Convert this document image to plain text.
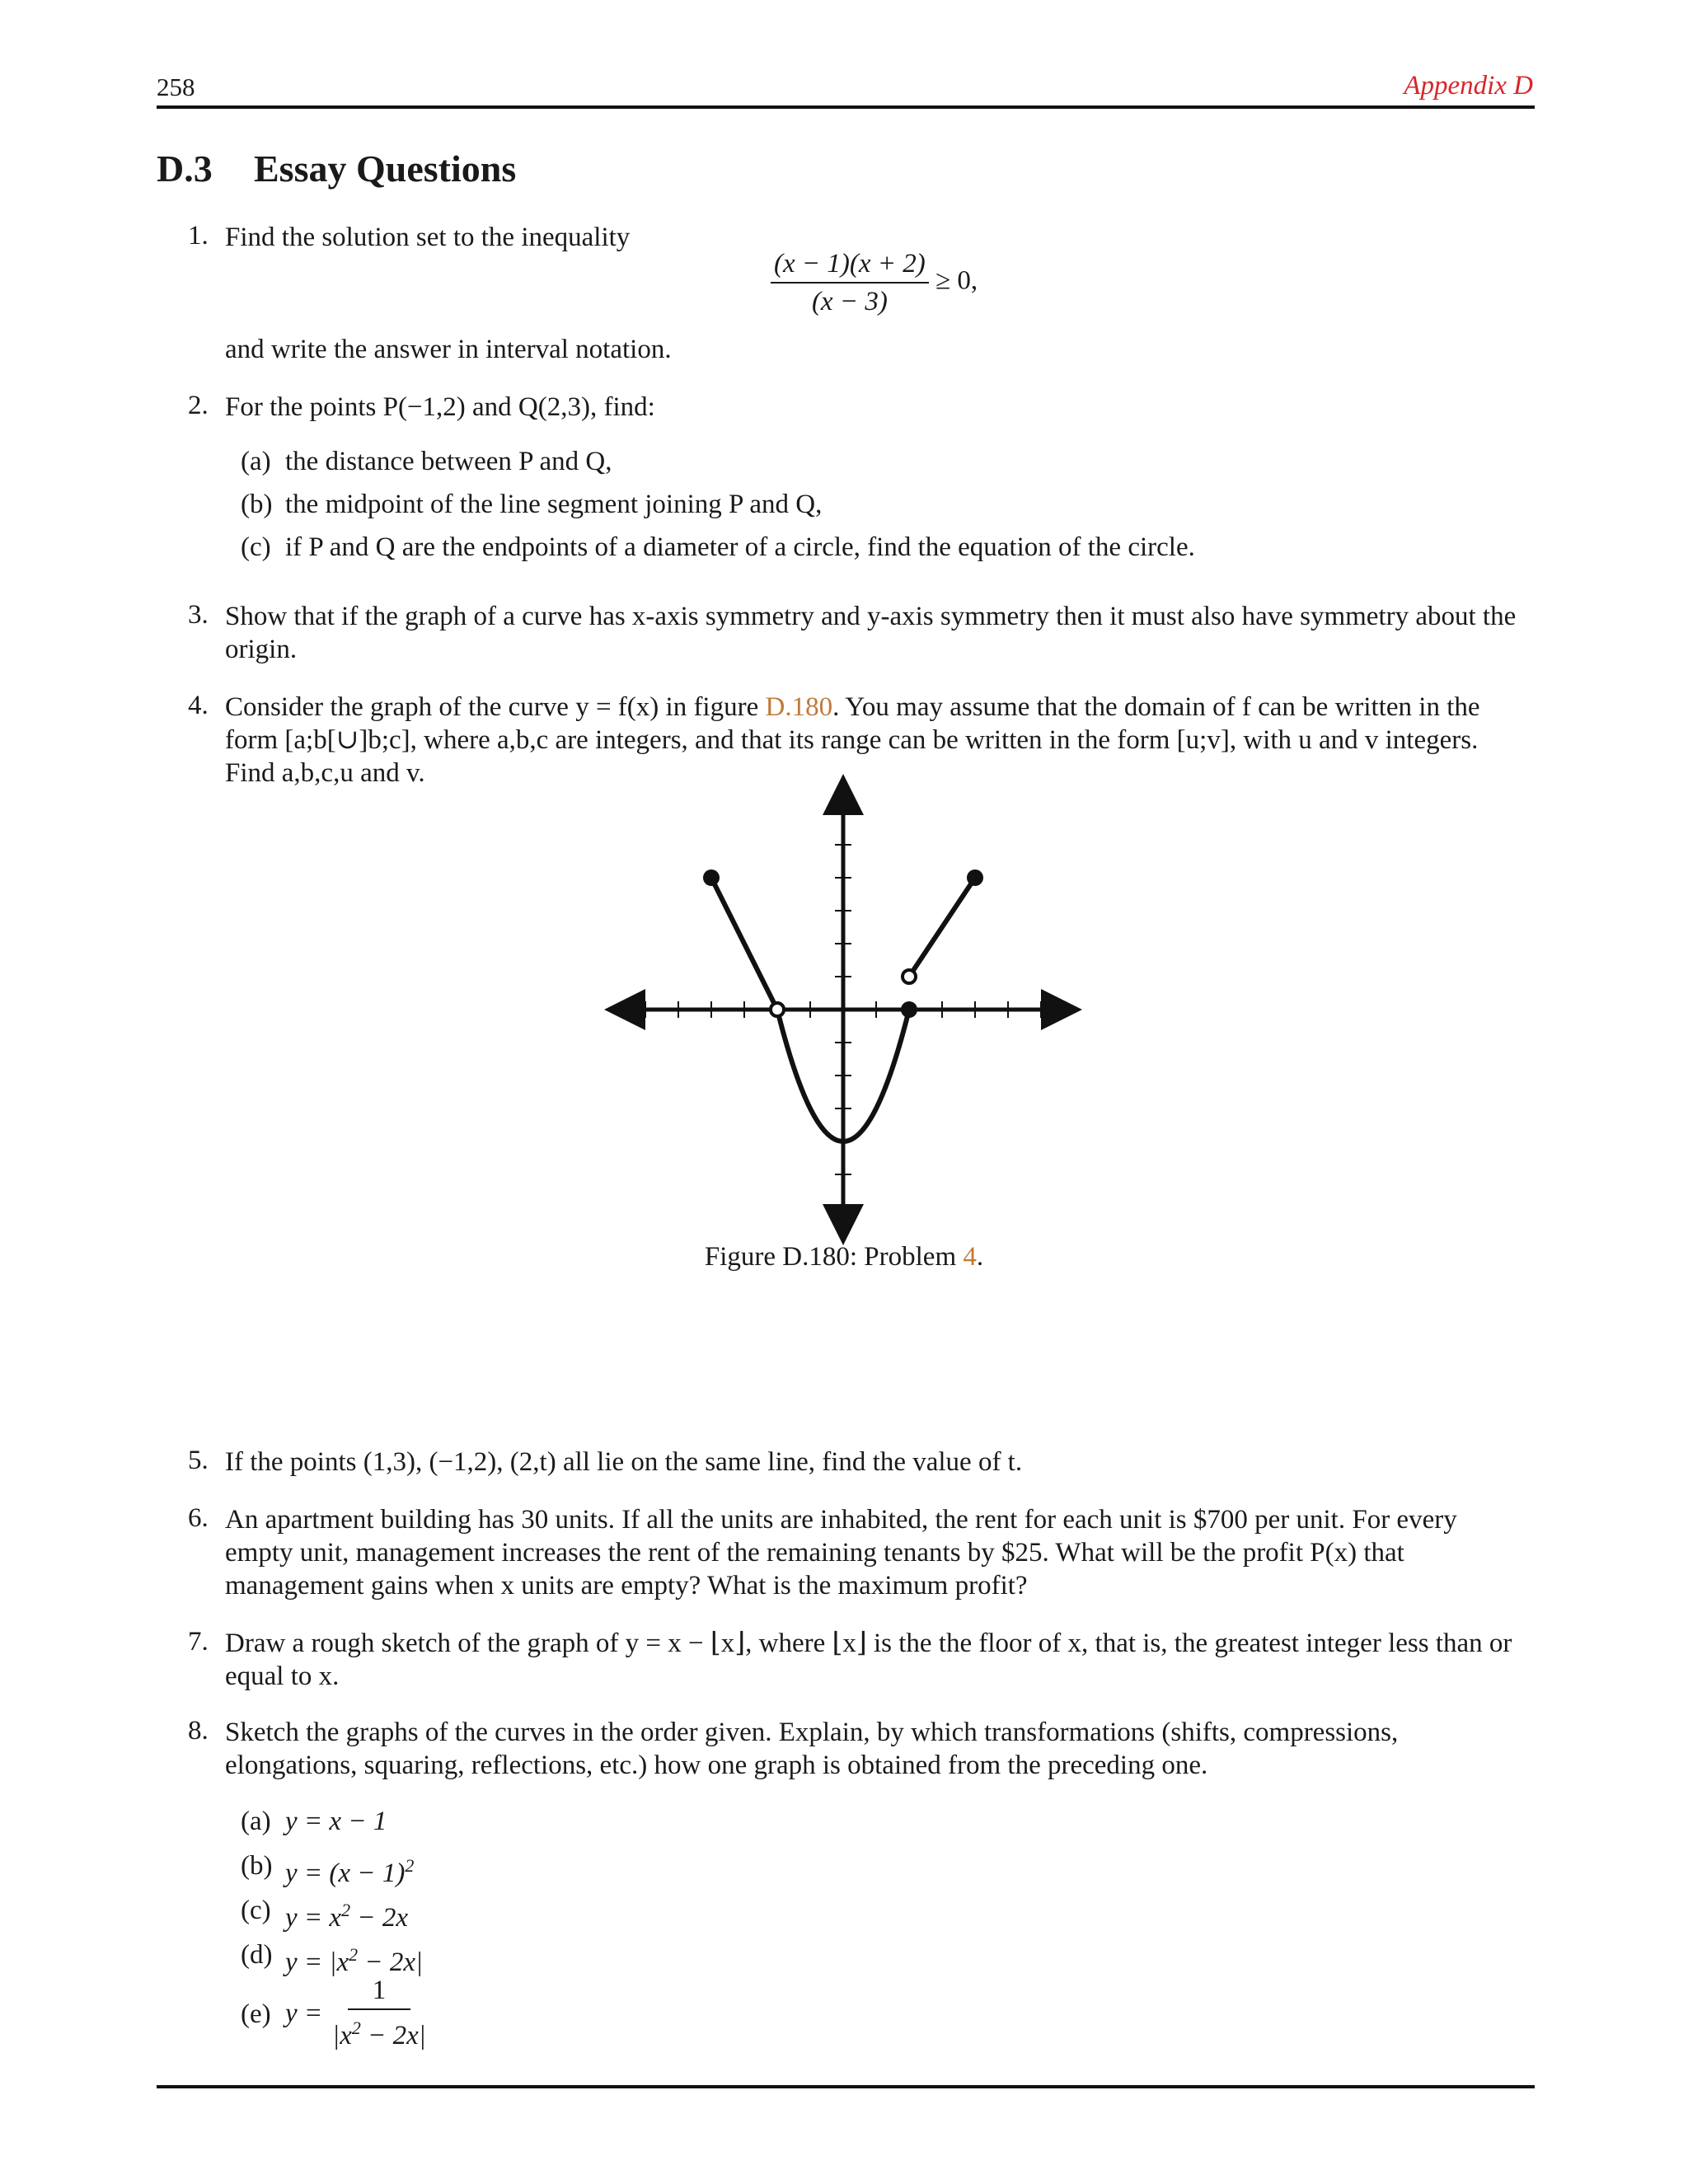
258	Appendix D
D.3 Essay Questions
1. Find the solution set to the inequality
$\frac{(x - 1)(x + 2)}{(x - 3)} \ge 0$,
and write the answer in interval notation.
2. For the points P(−1,2) and Q(2,3), find:
(a) the distance between P and Q,
(b) the midpoint of the line segment joining P and Q,
(c) if P and Q are the endpoints of a diameter of a circle, find the equation of the circle.
3. Show that if the graph of a curve has x-axis symmetry and y-axis symmetry then it must also have symmetry about the
origin.
4. Consider the graph of the curve y = f(x) in figure D.180. You may assume that the domain of f can be written in the
form [a;b[∪]b;c], where a,b,c are integers, and that its range can be written in the form [u;v], with u and v integers.
Find a,b,c,u and v.
Figure D.180: Problem 4.
5. If the points (1,3), (−1,2), (2,t) all lie on the same line, find the value of t.
6. An apartment building has 30 units. If all the units are inhabited, the rent for each unit is $700 per unit. For every
empty unit, management increases the rent of the remaining tenants by $25. What will be the profit P(x) that
management gains when x units are empty? What is the maximum profit?
7. Draw a rough sketch of the graph of y = x − ⌊x⌋, where ⌊x⌋ is the the floor of x, that is, the greatest integer less than or
equal to x.
8. Sketch the graphs of the curves in the order given. Explain, by which transformations (shifts, compressions,
elongations, squaring, reflections, etc.) how one graph is obtained from the preceding one.
(a) y = x − 1
(b) $y = (x - 1)^2$
(c) $y = x^2 - 2x$
(d) $y = |x^2 - 2x|$
(e) $y = \frac{1}{|x^2 - 2x|}$
